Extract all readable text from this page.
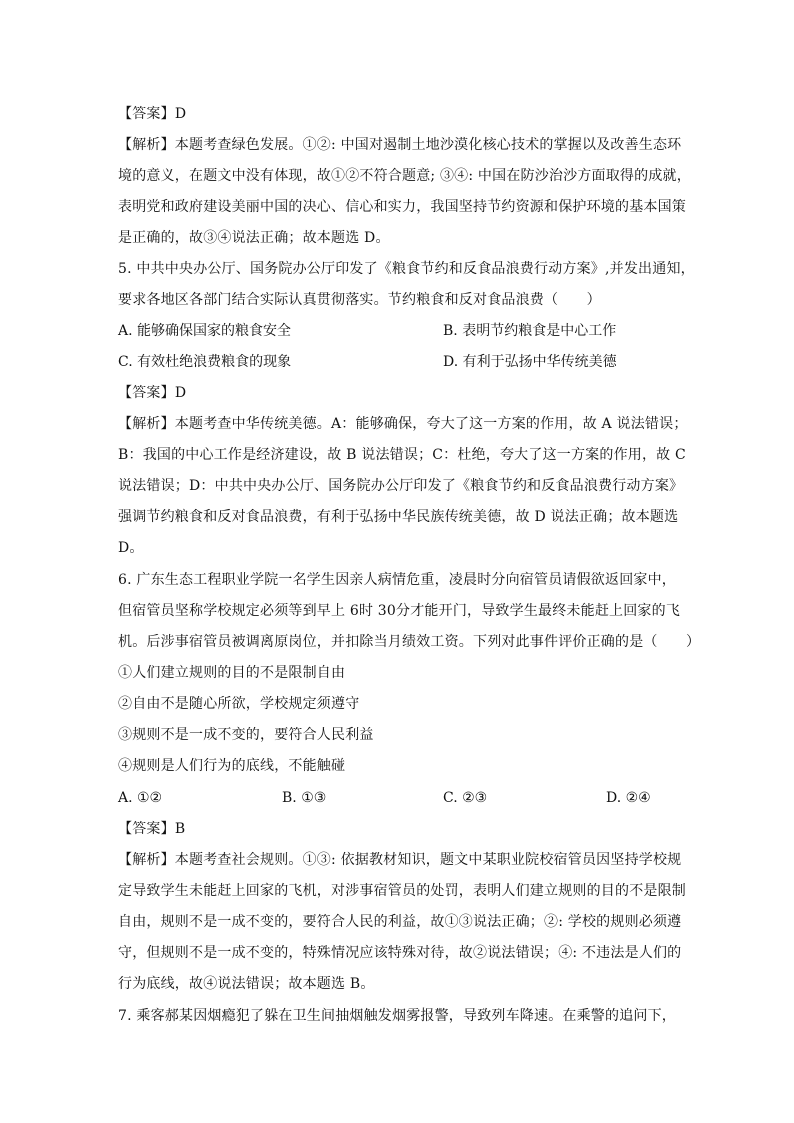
【答案】D
【解析】本题考查绿色发展。①②: 中国对遏制土地沙漠化核心技术的掌握以及改善生态环
境的意义，在题文中没有体现，故①②不符合题意; ③④: 中国在防沙治沙方面取得的成就，
表明党和政府建设美丽中国的决心、信心和实力，我国坚持节约资源和保护环境的基本国策
是正确的，故③④说法正确；故本题选 D。
5. 中共中央办公厅、国务院办公厅印发了《粮食节约和反食品浪费行动方案》,并发出通知，
要求各地区各部门结合实际认真贯彻落实。节约粮食和反对食品浪费（　　）
A. 能够确保国家的粮食安全	B. 表明节约粮食是中心工作
C. 有效杜绝浪费粮食的现象	D. 有利于弘扬中华传统美德
【答案】D
【解析】本题考查中华传统美德。A：能够确保，夸大了这一方案的作用，故 A 说法错误；
B：我国的中心工作是经济建设，故 B 说法错误；C：杜绝，夸大了这一方案的作用，故 C
说法错误；D：中共中央办公厅、国务院办公厅印发了《粮食节约和反食品浪费行动方案》
强调节约粮食和反对食品浪费，有利于弘扬中华民族传统美德，故 D 说法正确；故本题选
D。
6. 广东生态工程职业学院一名学生因亲人病情危重，凌晨时分向宿管员请假欲返回家中，
但宿管员坚称学校规定必须等到早上 6时 30分才能开门，导致学生最终未能赶上回家的飞
机。后涉事宿管员被调离原岗位，并扣除当月绩效工资。下列对此事件评价正确的是（　　）
①人们建立规则的目的不是限制自由
②自由不是随心所欲，学校规定须遵守
③规则不是一成不变的，要符合人民利益
④规则是人们行为的底线，不能触碰
A. ①②	B. ①③	C. ②③	D. ②④
【答案】B
【解析】本题考查社会规则。①③: 依据教材知识，题文中某职业院校宿管员因坚持学校规
定导致学生未能赶上回家的飞机，对涉事宿管员的处罚，表明人们建立规则的目的不是限制
自由，规则不是一成不变的，要符合人民的利益，故①③说法正确；②: 学校的规则必须遵
守，但规则不是一成不变的，特殊情况应该特殊对待，故②说法错误；④: 不违法是人们的
行为底线，故④说法错误；故本题选 B。
7. 乘客郝某因烟瘾犯了躲在卫生间抽烟触发烟雾报警，导致列车降速。在乘警的追问下，
